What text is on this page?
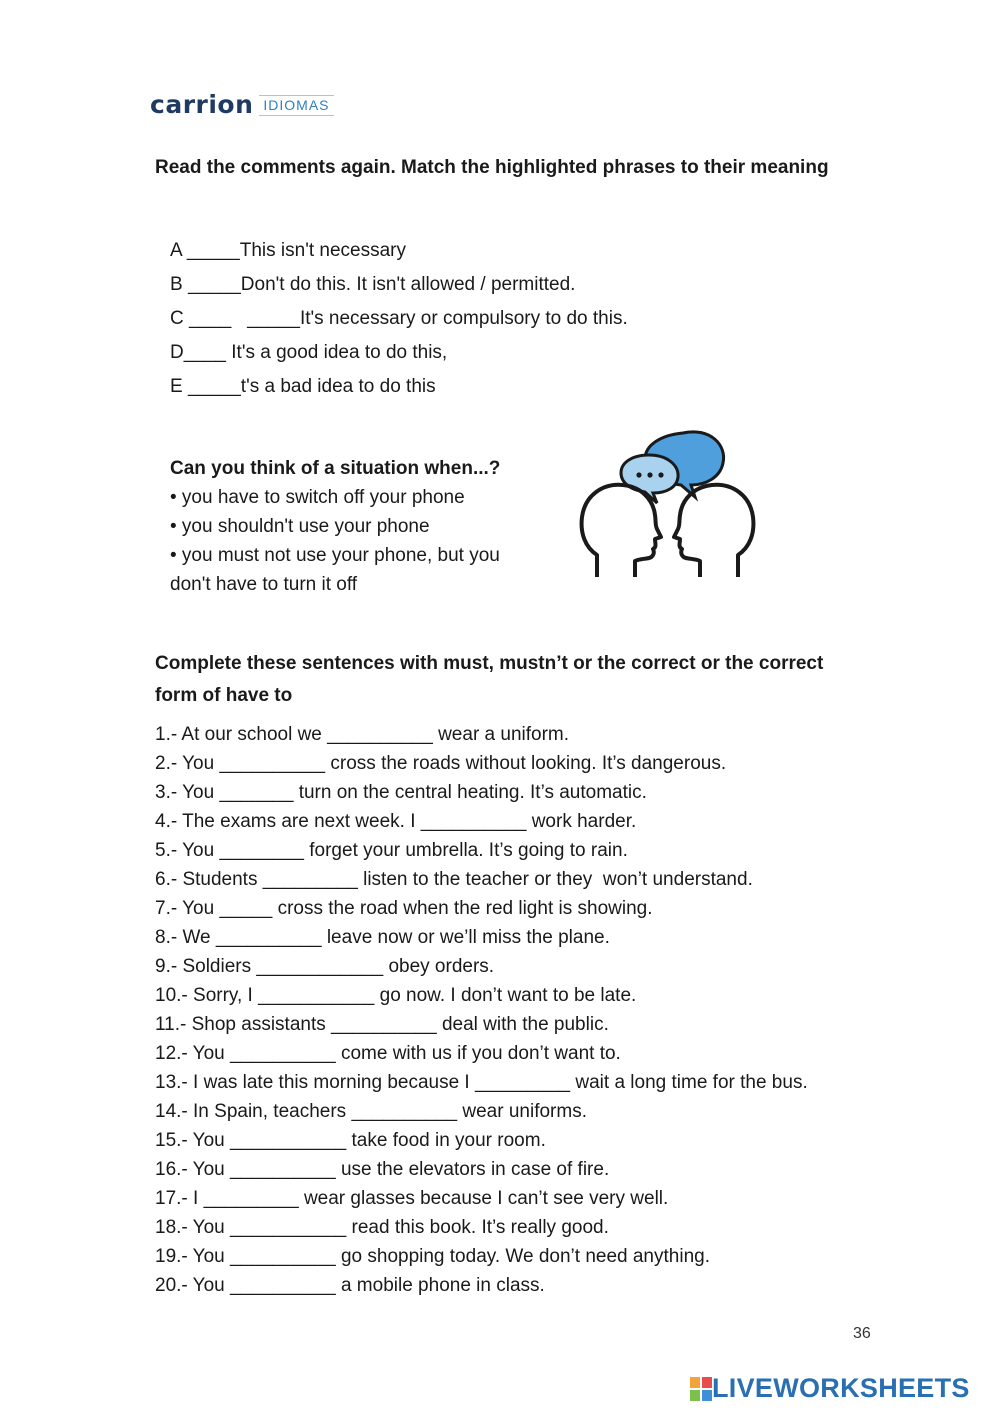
carrion IDIOMAS
Read the comments again. Match the highlighted phrases to their meaning
A _____This isn't necessary
B _____Don't do this. It isn't allowed / permitted.
C ____   _____It's necessary or compulsory to do this.
D____ It's a good idea to do this,
E _____t's a bad idea to do this
Can you think of a situation when...?
• you have to switch off your phone
• you shouldn't use your phone
• you must not use your phone, but you
don't have to turn it off
Complete these sentences with must, mustn’t or the correct or the correct form of have to
1.- At our school we __________ wear a uniform.
2.- You __________ cross the roads without looking. It’s dangerous.
3.- You _______ turn on the central heating. It’s automatic.
4.- The exams are next week. I __________ work harder.
5.- You ________ forget your umbrella. It’s going to rain.
6.- Students _________ listen to the teacher or they  won’t understand.
7.- You _____ cross the road when the red light is showing.
8.- We __________ leave now or we’ll miss the plane.
9.- Soldiers ____________ obey orders.
10.- Sorry, I ___________ go now. I don’t want to be late.
11.- Shop assistants __________ deal with the public.
12.- You __________ come with us if you don’t want to.
13.- I was late this morning because I _________ wait a long time for the bus.
14.- In Spain, teachers __________ wear uniforms.
15.- You ___________ take food in your room.
16.- You __________ use the elevators in case of fire.
17.- I _________ wear glasses because I can’t see very well.
18.- You ___________ read this book. It’s really good.
19.- You __________ go shopping today. We don’t need anything.
20.- You __________ a mobile phone in class.
36
LIVEWORKSHEETS
